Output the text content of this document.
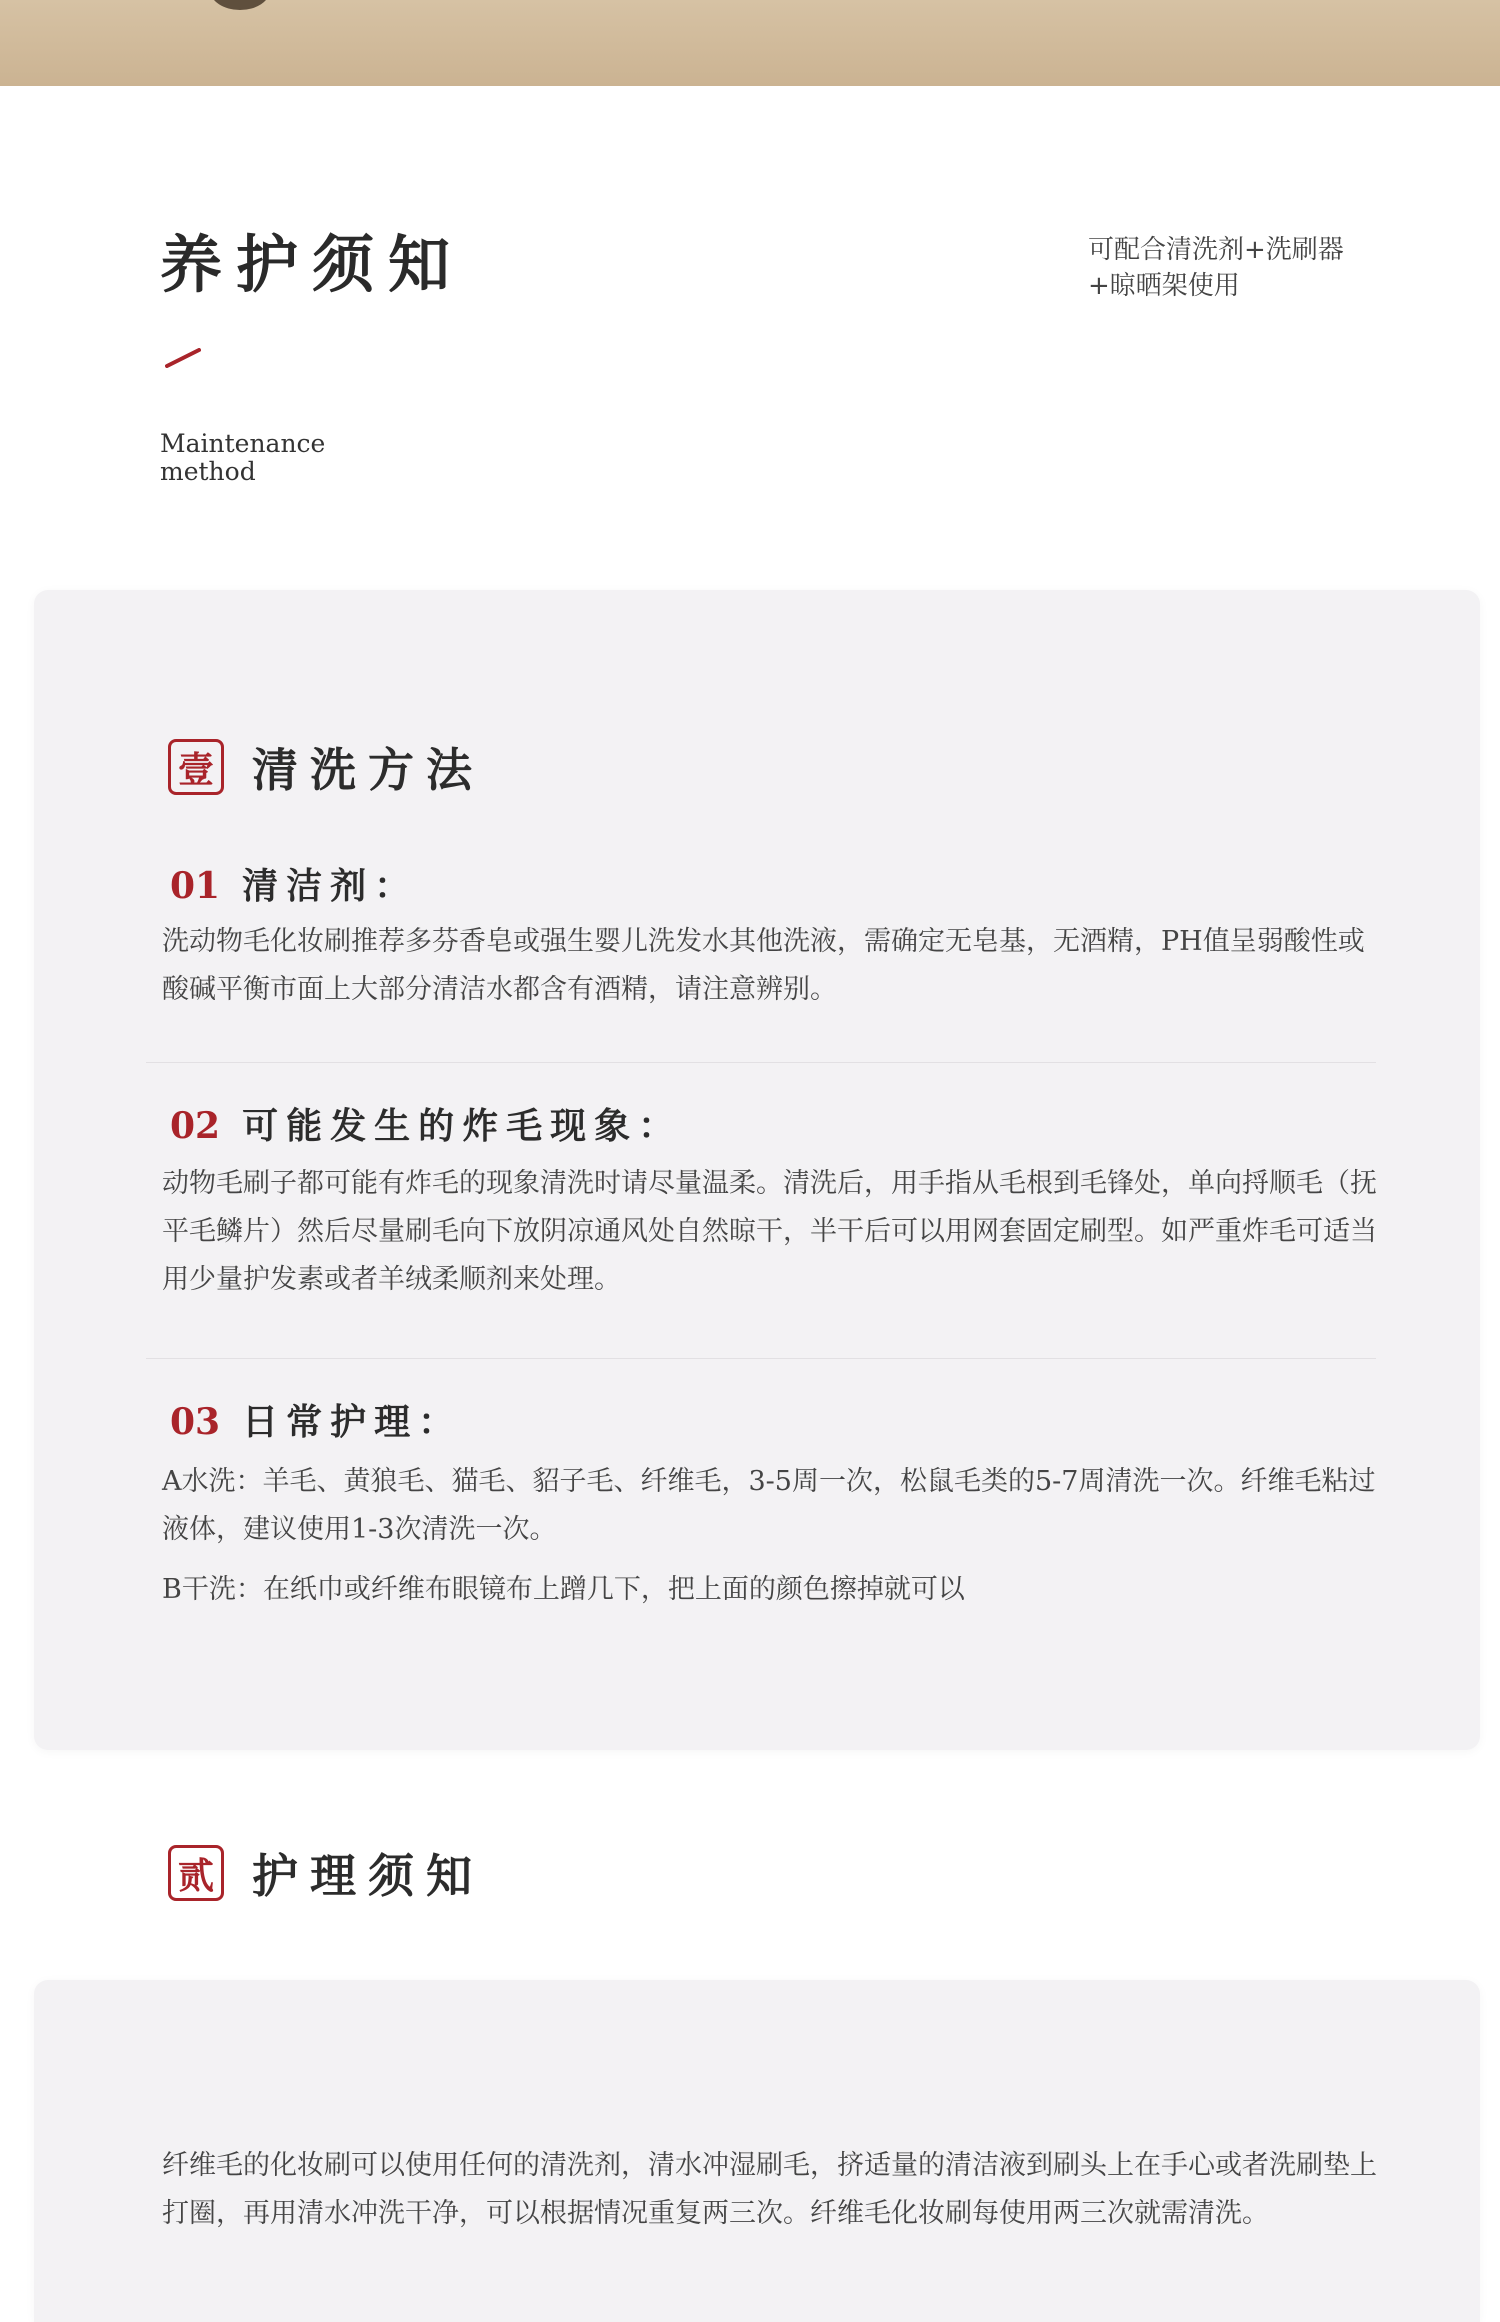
养护须知	可配合清洗剂+洗刷器+晾晒架使用
Maintenance method
壹 清洗方法
01 清洁剂：
洗动物毛化妆刷推荐多芬香皂或强生婴儿洗发水其他洗液，需确定无皂基，无酒精，PH值呈弱酸性或酸碱平衡市面上大部分清洁水都含有酒精，请注意辨别。
02 可能发生的炸毛现象：
动物毛刷子都可能有炸毛的现象清洗时请尽量温柔。清洗后，用手指从毛根到毛锋处，单向捋顺毛（抚平毛鳞片）然后尽量刷毛向下放阴凉通风处自然晾干，半干后可以用网套固定刷型。如严重炸毛可适当用少量护发素或者羊绒柔顺剂来处理。
03 日常护理：
A水洗：羊毛、黄狼毛、猫毛、貂子毛、纤维毛，3-5周一次，松鼠毛类的5-7周清洗一次。纤维毛粘过液体，建议使用1-3次清洗一次。
B干洗：在纸巾或纤维布眼镜布上蹭几下，把上面的颜色擦掉就可以
贰 护理须知
纤维毛的化妆刷可以使用任何的清洗剂，清水冲湿刷毛，挤适量的清洁液到刷头上在手心或者洗刷垫上打圈，再用清水冲洗干净，可以根据情况重复两三次。纤维毛化妆刷每使用两三次就需清洗。
